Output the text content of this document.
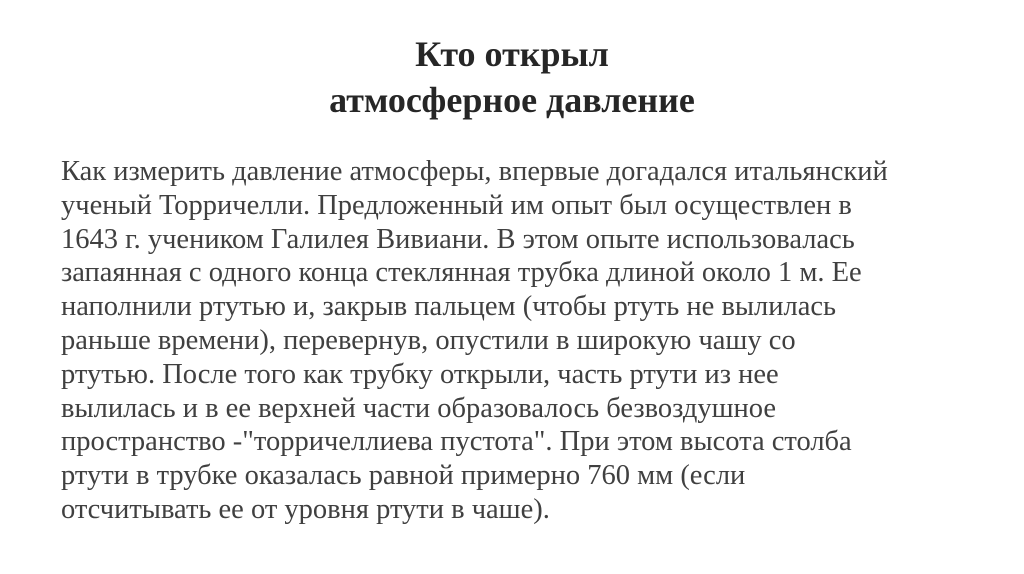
Кто открыл
атмосферное давление
Как измерить давление атмосферы, впервые догадался итальянский
ученый Торричелли. Предложенный им опыт был осуществлен в
1643 г. учеником Галилея Вивиани. В этом опыте использовалась
запаянная с одного конца стеклянная трубка длиной около 1 м. Ее
наполнили ртутью и, закрыв пальцем (чтобы ртуть не вылилась
раньше времени), перевернув, опустили в широкую чашу со
ртутью. После того как трубку открыли, часть ртути из нее
вылилась и в ее верхней части образовалось безвоздушное
пространство -"торричеллиева пустота". При этом высота столба
ртути в трубке оказалась равной примерно 760 мм (если
отсчитывать ее от уровня ртути в чаше).
